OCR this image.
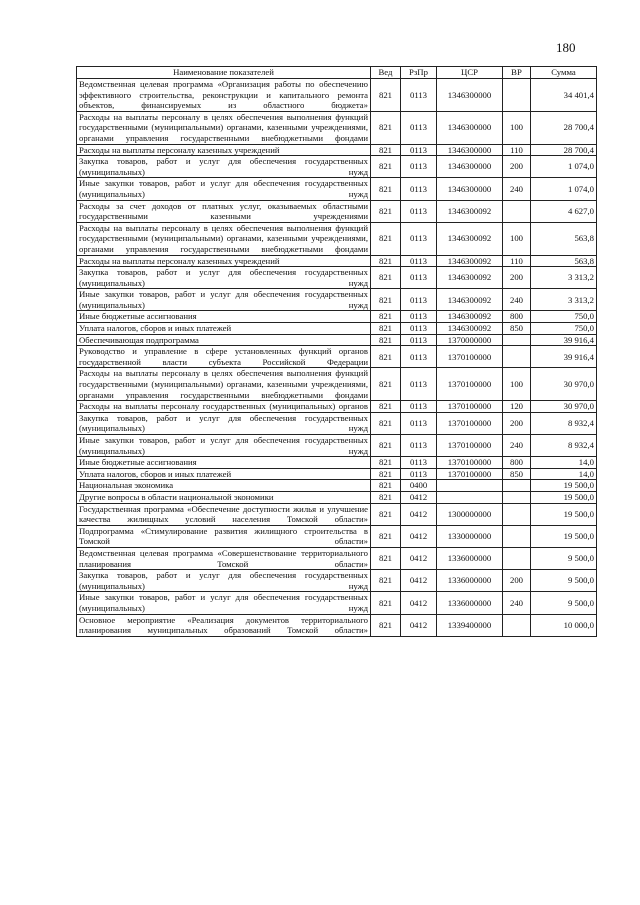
180
Наименование показателей	Вед	РзПр	ЦСР	ВР	Сумма
Ведомственная целевая программа «Организация работы по обеспечению эффективного строительства, реконструкции и капитального ремонта объектов, финансируемых из областного бюджета»	821	0113	1346300000		34 401,4
Расходы на выплаты персоналу в целях обеспечения выполнения функций государственными (муниципальными) органами, казенными учреждениями, органами управления государственными внебюджетными фондами	821	0113	1346300000	100	28 700,4
Расходы на выплаты персоналу казенных учреждений	821	0113	1346300000	110	28 700,4
Закупка товаров, работ и услуг для обеспечения государственных (муниципальных) нужд	821	0113	1346300000	200	1 074,0
Иные закупки товаров, работ и услуг для обеспечения государственных (муниципальных) нужд	821	0113	1346300000	240	1 074,0
Расходы за счет доходов от платных услуг, оказываемых областными государственными казенными учреждениями	821	0113	1346300092		4 627,0
Расходы на выплаты персоналу в целях обеспечения выполнения функций государственными (муниципальными) органами, казенными учреждениями, органами управления государственными внебюджетными фондами	821	0113	1346300092	100	563,8
Расходы на выплаты персоналу казенных учреждений	821	0113	1346300092	110	563,8
Закупка товаров, работ и услуг для обеспечения государственных (муниципальных) нужд	821	0113	1346300092	200	3 313,2
Иные закупки товаров, работ и услуг для обеспечения государственных (муниципальных) нужд	821	0113	1346300092	240	3 313,2
Иные бюджетные ассигнования	821	0113	1346300092	800	750,0
Уплата налогов, сборов и иных платежей	821	0113	1346300092	850	750,0
Обеспечивающая подпрограмма	821	0113	1370000000		39 916,4
Руководство и управление в сфере установленных функций органов государственной власти субъекта Российской Федерации	821	0113	1370100000		39 916,4
Расходы на выплаты персоналу в целях обеспечения выполнения функций государственными (муниципальными) органами, казенными учреждениями, органами управления государственными внебюджетными фондами	821	0113	1370100000	100	30 970,0
Расходы на выплаты персоналу государственных (муниципальных) органов	821	0113	1370100000	120	30 970,0
Закупка товаров, работ и услуг для обеспечения государственных (муниципальных) нужд	821	0113	1370100000	200	8 932,4
Иные закупки товаров, работ и услуг для обеспечения государственных (муниципальных) нужд	821	0113	1370100000	240	8 932,4
Иные бюджетные ассигнования	821	0113	1370100000	800	14,0
Уплата налогов, сборов и иных платежей	821	0113	1370100000	850	14,0
Национальная экономика	821	0400			19 500,0
Другие вопросы в области национальной экономики	821	0412			19 500,0
Государственная программа «Обеспечение доступности жилья и улучшение качества жилищных условий населения Томской области»	821	0412	1300000000		19 500,0
Подпрограмма «Стимулирование развития жилищного строительства в Томской области»	821	0412	1330000000		19 500,0
Ведомственная целевая программа «Совершенствование территориального планирования Томской области»	821	0412	1336000000		9 500,0
Закупка товаров, работ и услуг для обеспечения государственных (муниципальных) нужд	821	0412	1336000000	200	9 500,0
Иные закупки товаров, работ и услуг для обеспечения государственных (муниципальных) нужд	821	0412	1336000000	240	9 500,0
Основное мероприятие «Реализация документов территориального планирования муниципальных образований Томской области»	821	0412	1339400000		10 000,0
